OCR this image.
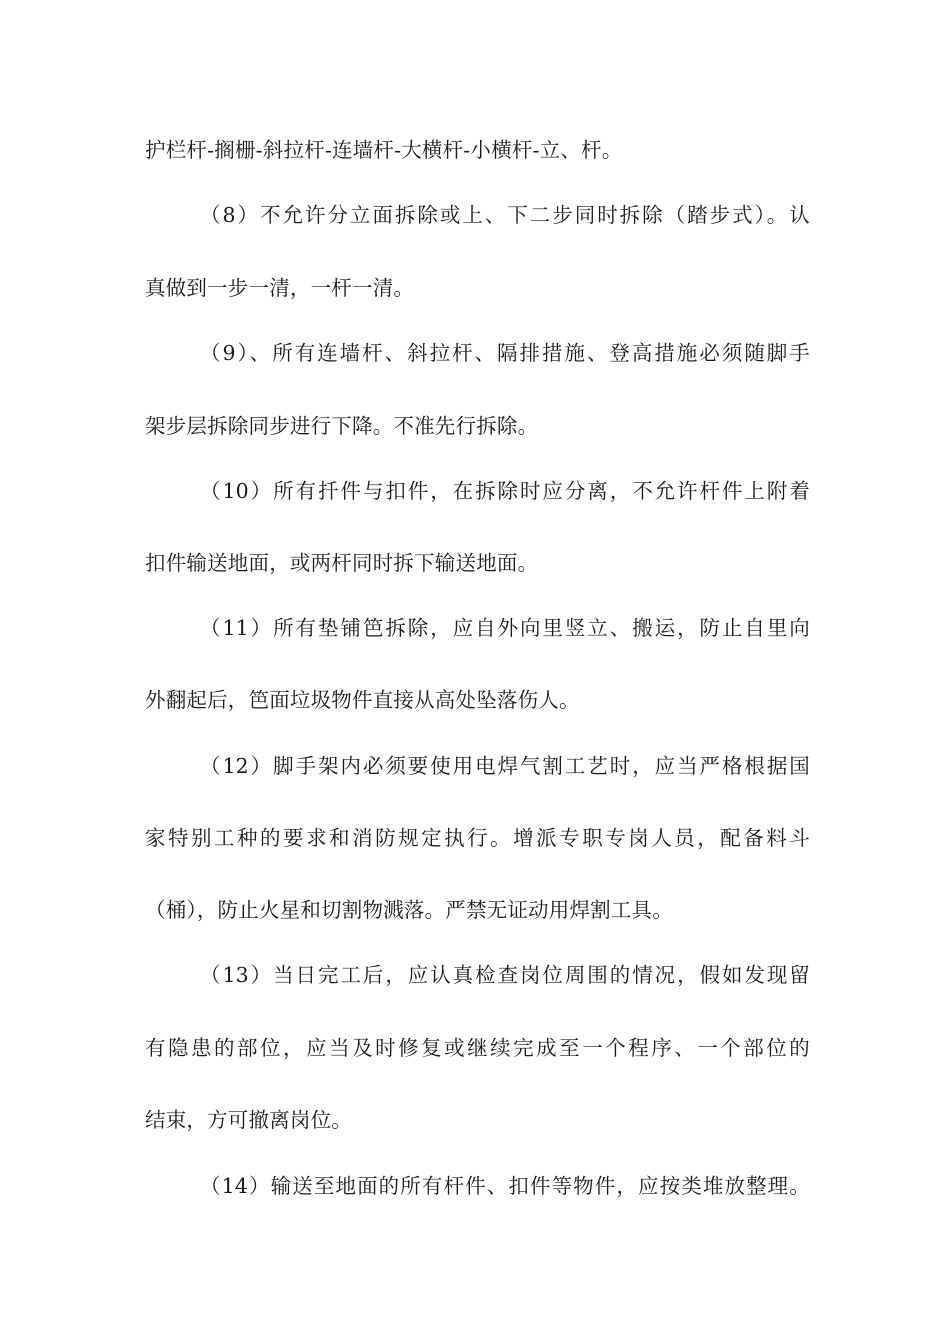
护栏杆-搁栅-斜拉杆-连墙杆-大横杆-小横杆-立、杆。
（8）不允许分立面拆除或上、下二步同时拆除（踏步式）。认
真做到一步一清，一杆一清。
（9）、所有连墙杆、斜拉杆、隔排措施、登高措施必须随脚手
架步层拆除同步进行下降。不准先行拆除。
（10）所有扦件与扣件，在拆除时应分离，不允许杆件上附着
扣件输送地面，或两杆同时拆下输送地面。
（11）所有垫铺笆拆除，应自外向里竖立、搬运，防止自里向
外翻起后，笆面垃圾物件直接从高处坠落伤人。
（12）脚手架内必须要使用电焊气割工艺时，应当严格根据国
家特别工种的要求和消防规定执行。增派专职专岗人员，配备料斗
（桶），防止火星和切割物溅落。严禁无证动用焊割工具。
（13）当日完工后，应认真检查岗位周围的情况，假如发现留
有隐患的部位，应当及时修复或继续完成至一个程序、一个部位的
结束，方可撤离岗位。
（14）输送至地面的所有杆件、扣件等物件，应按类堆放整理。
